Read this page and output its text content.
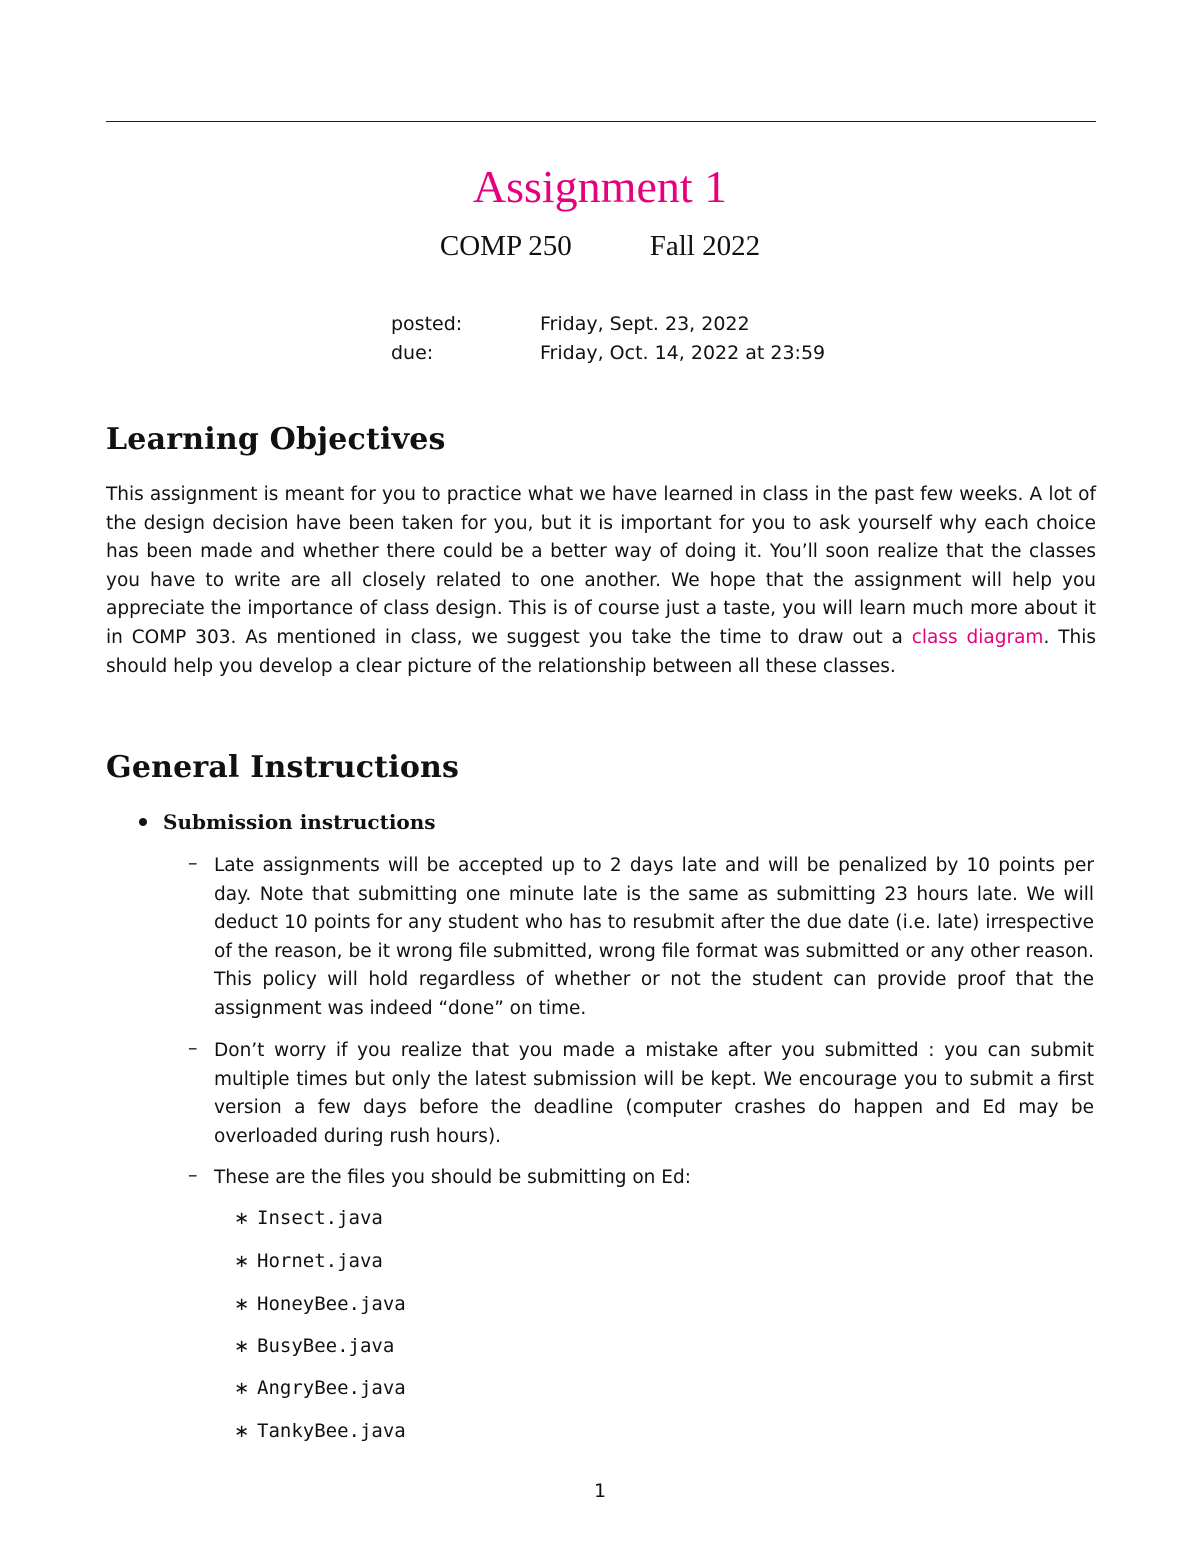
Assignment 1
COMP 250	Fall 2022
posted:	Friday, Sept. 23, 2022
due:	Friday, Oct. 14, 2022 at 23:59
Learning Objectives

This assignment is meant for you to practice what we have learned in class in the past few weeks. A lot of the design decision have been taken for you, but it is important for you to ask yourself why each choice has been made and whether there could be a better way of doing it. You’ll soon realize that the classes you have to write are all closely related to one another. We hope that the assignment will help you appreciate the importance of class design. This is of course just a taste, you will learn much more about it in COMP 303. As mentioned in class, we suggest you take the time to draw out a class diagram. This should help you develop a clear picture of the relationship between all these classes.

General Instructions
Submission instructions
– Late assignments will be accepted up to 2 days late and will be penalized by 10 points per day. Note that submitting one minute late is the same as submitting 23 hours late. We will deduct 10 points for any student who has to resubmit after the due date (i.e. late) irrespective of the reason, be it wrong file submitted, wrong file format was submitted or any other reason. This policy will hold regardless of whether or not the student can provide proof that the assignment was indeed “done” on time.

– Don’t worry if you realize that you made a mistake after you submitted : you can submit multiple times but only the latest submission will be kept. We encourage you to submit a first version a few days before the deadline (computer crashes do happen and Ed may be overloaded during rush hours).

– These are the files you should be submitting on Ed:

∗ Insect.java
∗ Hornet.java
∗ HoneyBee.java
∗ BusyBee.java
∗ AngryBee.java
∗ TankyBee.java
1
